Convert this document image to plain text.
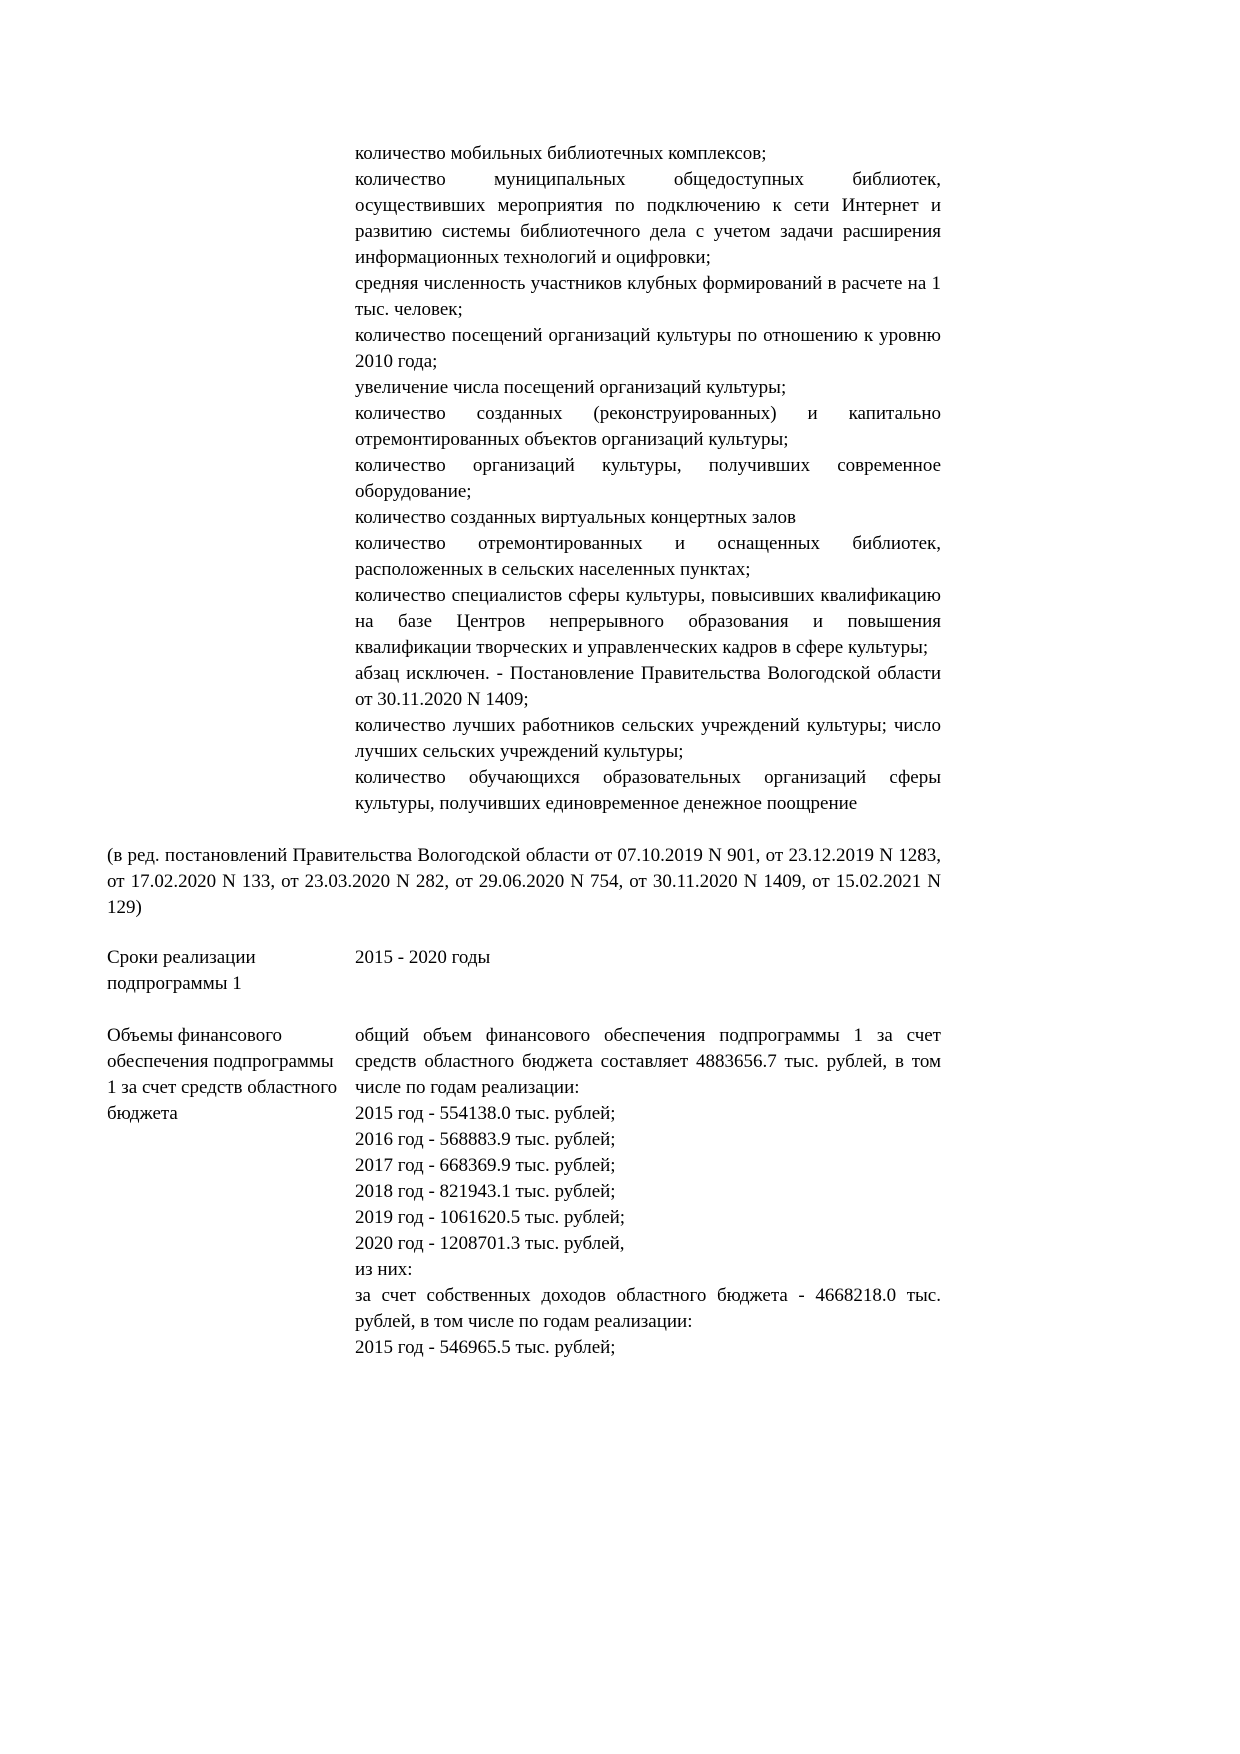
количество мобильных библиотечных комплексов;

количество муниципальных общедоступных библиотек, осуществивших мероприятия по подключению к сети Интернет и развитию системы библиотечного дела с учетом задачи расширения информационных технологий и оцифровки;

средняя численность участников клубных формирований в расчете на 1 тыс. человек;

количество посещений организаций культуры по отношению к уровню 2010 года;

увеличение числа посещений организаций культуры;

количество созданных (реконструированных) и капитально отремонтированных объектов организаций культуры;

количество организаций культуры, получивших современное оборудование;

количество созданных виртуальных концертных залов

количество отремонтированных и оснащенных библиотек, расположенных в сельских населенных пунктах;

количество специалистов сферы культуры, повысивших квалификацию на базе Центров непрерывного образования и повышения квалификации творческих и управленческих кадров в сфере культуры;

абзац исключен. - Постановление Правительства Вологодской области от 30.11.2020 N 1409;

количество лучших работников сельских учреждений культуры; число лучших сельских учреждений культуры;

количество обучающихся образовательных организаций сферы культуры, получивших единовременное денежное поощрение

(в ред. постановлений Правительства Вологодской области от 07.10.2019 N 901, от 23.12.2019 N 1283, от 17.02.2020 N 133, от 23.03.2020 N 282, от 29.06.2020 N 754, от 30.11.2020 N 1409, от 15.02.2021 N 129)

Сроки реализации подпрограммы 1
2015 - 2020 годы
Объемы финансового обеспечения подпрограммы 1 за счет средств областного бюджета

общий объем финансового обеспечения подпрограммы 1 за счет средств областного бюджета составляет 4883656.7 тыс. рублей, в том числе по годам реализации:

2015 год - 554138.0 тыс. рублей;

2016 год - 568883.9 тыс. рублей;

2017 год - 668369.9 тыс. рублей;

2018 год - 821943.1 тыс. рублей;

2019 год - 1061620.5 тыс. рублей;

2020 год - 1208701.3 тыс. рублей,

из них:

за счет собственных доходов областного бюджета - 4668218.0 тыс. рублей, в том числе по годам реализации:

2015 год - 546965.5 тыс. рублей;
